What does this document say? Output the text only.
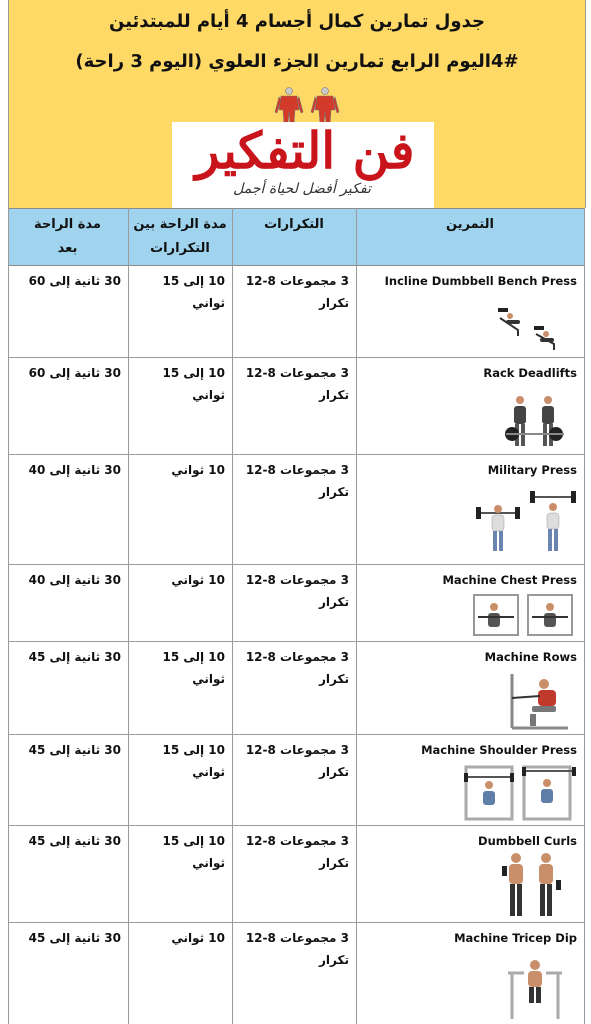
جدول تمارين كمال أجسام 4 أيام للمبتدئين
4#اليوم الرابع تمارين الجزء العلوي (اليوم 3 راحة)
فن التفكير
تفكير أفضل لحياة أجمل
التمرين
التكرارات
مدة الراحة بين
التكرارات
مدة الراحة
بعد
Incline Dumbbell Bench Press
3 مجموعات 8-12
تكرار
10 إلى 15 ثواني
30 ثانية إلى 60
Rack Deadlifts
3 مجموعات 8-12
تكرار
10 إلى 15 ثواني
30 ثانية إلى 60
Military Press
3 مجموعات 8-12
تكرار
10 ثواني
30 ثانية إلى 40
Machine Chest Press
3 مجموعات 8-12
تكرار
10 ثواني
30 ثانية إلى 40
Machine Rows
3 مجموعات 8-12
تكرار
10 إلى 15 ثواني
30 ثانية إلى 45
Machine Shoulder Press
3 مجموعات 8-12
تكرار
10 إلى 15 ثواني
30 ثانية إلى 45
Dumbbell Curls
3 مجموعات 8-12
تكرار
10 إلى 15 ثواني
30 ثانية إلى 45
Machine Tricep Dip
3 مجموعات 8-12
تكرار
10 ثواني
30 ثانية إلى 45
